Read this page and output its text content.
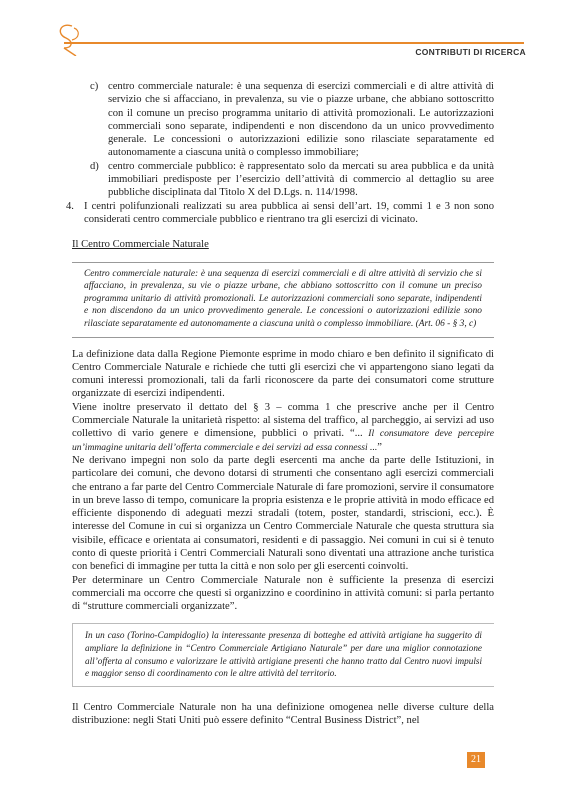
CONTRIBUTI DI RICERCA
c) centro commerciale naturale: è una sequenza di esercizi commerciali e di altre attività di servizio che si affacciano, in prevalenza, su vie o piazze urbane, che abbiano sottoscritto con il comune un preciso programma unitario di attività promozionali. Le autorizzazioni commerciali sono separate, indipendenti e non discendono da un unico provvedimento generale. Le concessioni o autorizzazioni edilizie sono rilasciate separatamente ed autonomamente a ciascuna unità o complesso immobiliare;
d) centro commerciale pubblico: è rappresentato solo da mercati su area pubblica e da unità immobiliari predisposte per l’esercizio dell’attività di commercio al dettaglio su aree pubbliche disciplinata dal Titolo X del D.Lgs. n. 114/1998.
4. I centri polifunzionali realizzati su area pubblica ai sensi dell’art. 19, commi 1 e 3 non sono considerati centro commerciale pubblico e rientrano tra gli esercizi di vicinato.
Il Centro Commerciale Naturale
Centro commerciale naturale: è una sequenza di esercizi commerciali e di altre attività di servizio che si affacciano, in prevalenza, su vie o piazze urbane, che abbiano sottoscritto con il comune un preciso programma unitario di attività promozionali. Le autorizzazioni commerciali sono separate, indipendenti e non discendono da un unico provvedimento generale. Le concessioni o autorizzazioni edilizie sono rilasciate separatamente ed autonomamente a ciascuna unità o complesso immobiliare. (Art. 06 - § 3, c)

La definizione data dalla Regione Piemonte esprime in modo chiaro e ben definito il significato di Centro Commerciale Naturale e richiede che tutti gli esercizi che vi appartengono siano legati da comuni interessi promozionali, tali da farli riconoscere da parte dei consumatori come strutture organizzate di esercizi indipendenti.

Viene inoltre preservato il dettato del § 3 – comma 1 che prescrive anche per il Centro Commerciale Naturale la unitarietà rispetto: al sistema del traffico, al parcheggio, ai servizi ad uso collettivo di vario genere e dimensione, pubblici o privati. “... Il consumatore deve percepire un’immagine unitaria dell’offerta commerciale e dei servizi ad essa connessi ...”

Ne derivano impegni non solo da parte degli esercenti ma anche da parte delle Istituzioni, in particolare dei comuni, che devono dotarsi di strumenti che consentano agli esercizi commerciali che entrano a far parte del Centro Commerciale Naturale di fare promozioni, servire il consumatore in un breve lasso di tempo, comunicare la propria esistenza e le proprie attività in modo efficace ed efficiente disponendo di adeguati mezzi stradali (totem, poster, standardi, striscioni, ecc.). È interesse del Comune in cui si organizza un Centro Commerciale Naturale che questa struttura sia visibile, efficace e orientata ai consumatori, residenti e di passaggio. Nei comuni in cui si è tenuto conto di queste priorità i Centri Commerciali Naturali sono diventati una attrazione anche turistica con benefici di immagine per tutta la città e non solo per gli esercenti coinvolti.

Per determinare un Centro Commerciale Naturale non è sufficiente la presenza di esercizi commerciali ma occorre che questi si organizzino e coordinino in attività comuni: si parla pertanto di “strutture commerciali organizzate”.

In un caso (Torino-Campidoglio) la interessante presenza di botteghe ed attività artigiane ha suggerito di ampliare la definizione in “Centro Commerciale Artigiano Naturale” per dare una miglior connotazione all’offerta al consumo e valorizzare le attività artigiane presenti che hanno tratto dal Centro nuovi impulsi e maggior senso di coordinamento con le altre attività del territorio.

Il Centro Commerciale Naturale non ha una definizione omogenea nelle diverse culture della distribuzione: negli Stati Uniti può essere definito “Central Business District”, nel

21
